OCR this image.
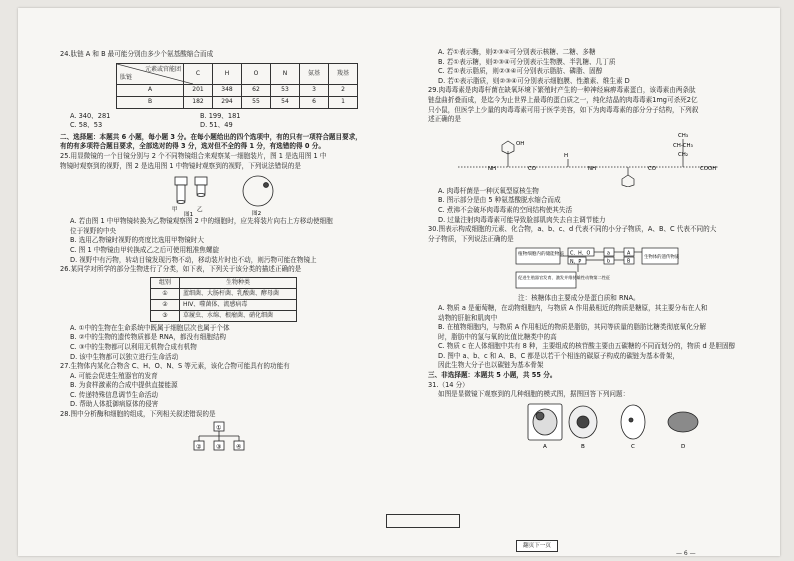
24.肽链 A 和 B 最可能分别由多少个氨基酸缩合而成

元素或官能团
肽链	C	H	O	N	氨基	羧基
A	201	348	62	53	3	2
B	182	294	55	54	6	1
A. 340、281	B. 199、181
C. 58、53	D. 51、49

二、选择题：本题共 6 小题，每小题 3 分。在每小题给出的四个选项中，有的只有一项符合题目要求，

有的有多项符合题目要求，全部选对的得 3 分，选对但不全的得 1 分，有选错的得 0 分。

25.用显微镜的一个目镜分别与 2 个不同物镜组合来观察某一细胞装片，图 1 是选用图 1 中

物镜时观察到的视野，图 2 是选用图 1 中物镜时观察到的视野，下列说法错误的是

甲	乙
图1	图2

A. 若由图 1 中甲物镜转换为乙物镜观察图 2 中的细胞时，应先将装片向右上方移动使细胞

位于视野的中央

B. 选用乙物镜时视野的亮度比选用甲物镜时大

C. 图 1 中物镜由甲转换成乙之后可使用粗准焦螺旋

D. 视野中有污物，转动目镜发现污物不动，移动装片时也不动，则污物可能在物镜上

26.某同学对所学的部分生物进行了分类，如下表，下列关于该分类的描述正确的是

组别	生物种类
①	蓝细菌、大肠杆菌、乳酸菌、酵母菌
②	HIV、噬菌体、流感病毒
③	草履虫、水绵、根瘤菌、硝化细菌

A. ①中的生物在生命系统中既属于细胞层次也属于个体

B. ②中的生物的遗传物质都是 RNA，都没有细胞结构

C. ③中的生物都可以利用无机物合成有机物

D. 该中生物都可以独立进行生命活动

27.生物体内某化合物含 C、H、O、N、S 等元素，该化合物可能具有的功能有

A. 可能会促进生殖器官的发育

B. 为食样激素的合成中提供直接能源

C. 传递特殊信息调节生命活动

D. 帮助人体抵御病原体的侵害

28.图中分析酶和细胞的组成，下列相关叙述错误的是

①
② ③ ④

A. 若①表示酶，则②③④可分别表示核糖、二糖、多糖

B. 若①表示糖，则②③④可分别表示生物膜、半乳糖、几丁质

C. 若①表示脂质，则②③④可分别表示脂肪、磷脂、固醇

D. 若①表示脂质，则②③④可分别表示细胞膜、性激素、维生素 D

29.肉毒毒素是肉毒杆菌在缺氧环境下繁殖时产生的一种神经麻痹毒素蛋白，该毒素由两条肽

链盘曲折叠而成，是迄今为止世界上最毒的蛋白质之一，纯化结晶的肉毒毒素1mg可杀死2亿

只小鼠，但医学上少量的肉毒毒素可用于医学美容，如下为肉毒毒素的部分分子结构，下列叙

述正确的是

OH
H
CH₃
CH-CH₃
CH₂
NH	CO	NH	CO	COOH

A. 肉毒杆菌是一种厌氧型原核生物

B. 图示部分是由 5 种氨基酸脱水缩合而成

C. 煮沸不会破坏肉毒毒素的空间结构使其失活

D. 过量注射肉毒毒素可能导致脸部肌肉失去自主调节能力

30.图表示构成细胞的元素、化合物，a、b、c、d 代表不同的小分子物质，A、B、C 代表不同的大

分子物质，下列说法正确的是

植物细胞内的储能物质 C、H、O
N、P
a	A
b	B
生物体的遗传物质
促进生殖器官发育、激发并维持雄性动物第二性征

注：核糖体由主要成分是蛋白质和 RNA。

A. 物质 a 是葡萄糖，在动物细胞内，与物质 A 作用最相近的物质是糖原，其主要分布在人和

动物的肝脏和肌肉中

B. 在植物细胞内，与物质 A 作用相近的物质是脂肪，其同等质量的脂肪比糖类彻底氧化分解

时，脂肪中的氢与氧的比值比糖类中的高

C. 物质 c 在人体细胞中共有 8 种，主要组成的核苷酸主要由五碳糖的不同而划分的，物质 d 是胆固醇

D. 图中 a、b、c 和 A、B、C 都是以若干个相连的碳原子构成的碳链为基本骨架，

因此生物大分子也以碳链为基本骨架

三、非选择题：本题共 5 小题，共 55 分。

31.（14 分）

如图是显微镜下观察到的几种细胞的模式图，据图回答下列问题：

A	B	C	D
翻页下一页
— 6 —
